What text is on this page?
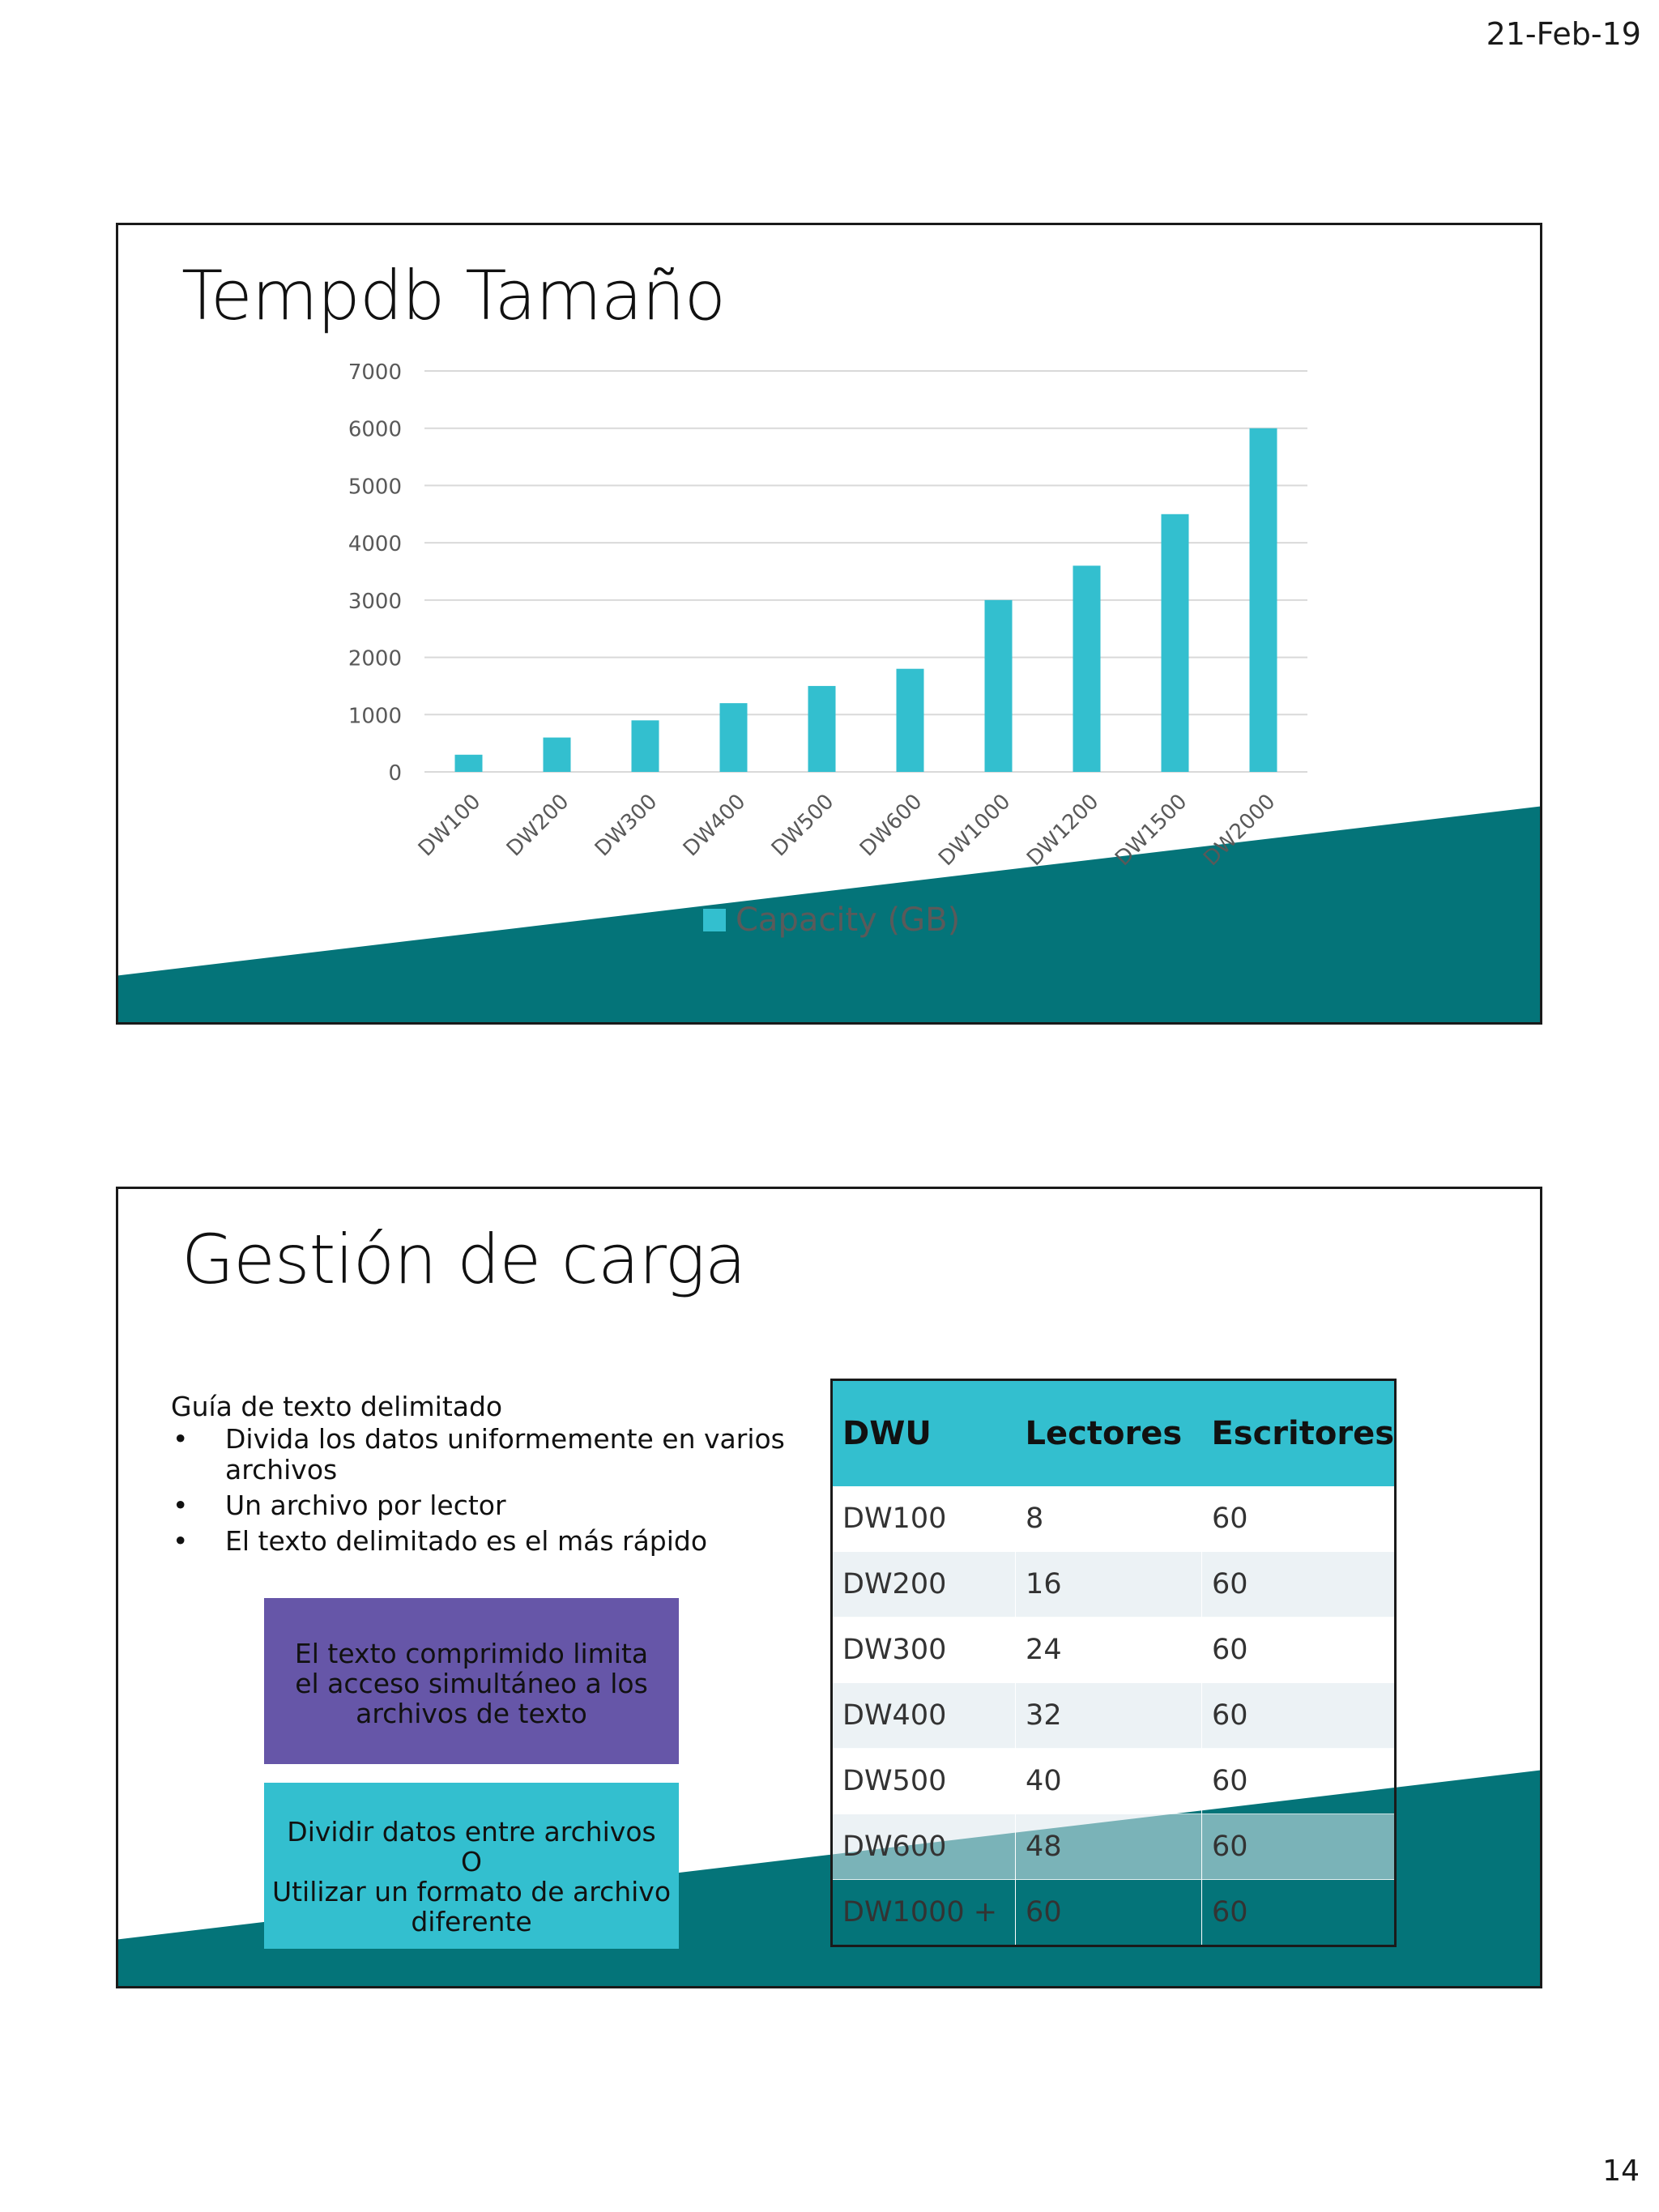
21-Feb-19
Tempdb Tamaño
0
1000
2000
3000
4000
5000
6000
7000
DW100 DW200 DW300 DW400 DW500 DW600 DW1000 DW1200 DW1500 DW2000
Capacity (GB)
Gestión de carga
Guía de texto delimitado
• Divida los datos uniformemente en varios archivos
• Un archivo por lector
• El texto delimitado es el más rápido
El texto comprimido limita el acceso simultáneo a los archivos de texto
Dividir datos entre archivos
O
Utilizar un formato de archivo diferente
DWU	Lectores	Escritores
DW100	8	60
DW200	16	60
DW300	24	60
DW400	32	60
DW500	40	60
DW600	48	60
DW1000 +	60	60
14
